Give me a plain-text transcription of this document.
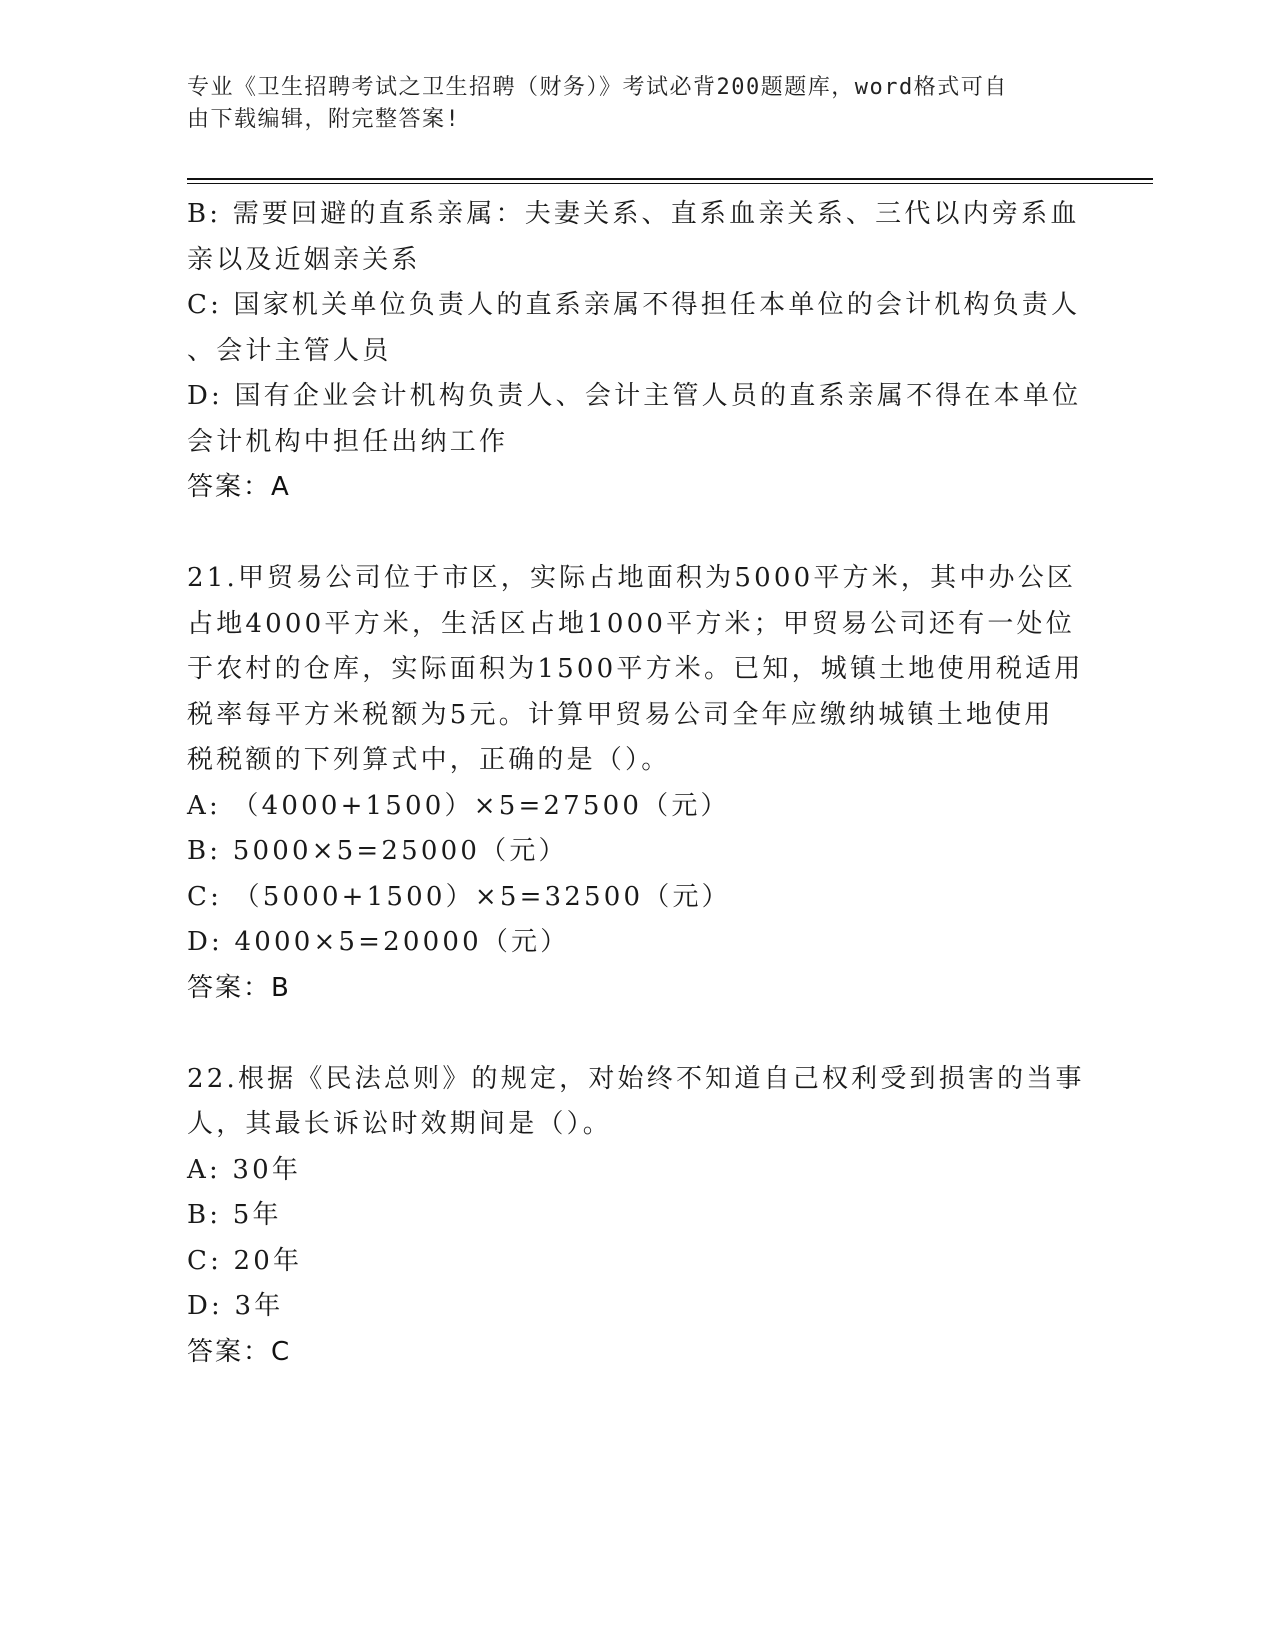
专业《卫生招聘考试之卫生招聘（财务）》考试必背200题题库，word格式可自
由下载编辑，附完整答案!
B: 需要回避的直系亲属：夫妻关系、直系血亲关系、三代以内旁系血
亲以及近姻亲关系
C: 国家机关单位负责人的直系亲属不得担任本单位的会计机构负责人
、会计主管人员
D: 国有企业会计机构负责人、会计主管人员的直系亲属不得在本单位
会计机构中担任出纳工作
答案：A
21.甲贸易公司位于市区，实际占地面积为5000平方米，其中办公区
占地4000平方米，生活区占地1000平方米；甲贸易公司还有一处位
于农村的仓库，实际面积为1500平方米。已知，城镇土地使用税适用
税率每平方米税额为5元。计算甲贸易公司全年应缴纳城镇土地使用
税税额的下列算式中，正确的是（）。
A: （4000+1500）×5=27500（元）
B: 5000×5=25000（元）
C: （5000+1500）×5=32500（元）
D: 4000×5=20000（元）
答案：B
22.根据《民法总则》的规定，对始终不知道自己权利受到损害的当事
人，其最长诉讼时效期间是（）。
A: 30年
B: 5年
C: 20年
D: 3年
答案：C
